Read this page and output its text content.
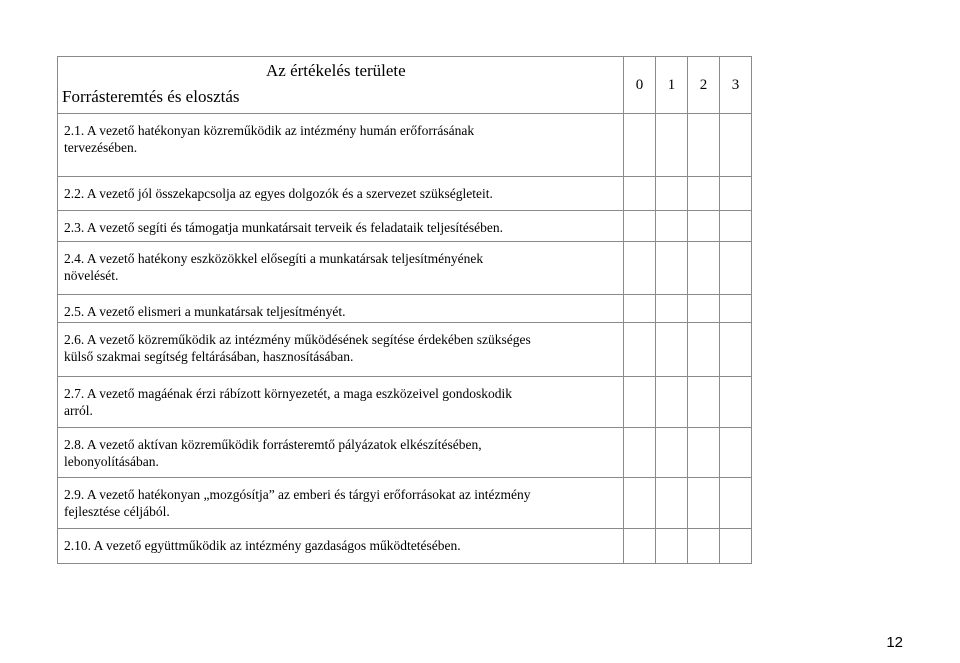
Az értékelés területe
Forrásteremtés és elosztás	0	1	2	3

2.1. A vezető hatékonyan közreműködik az intézmény humán erőforrásának
tervezésében.				

2.2. A vezető jól összekapcsolja az egyes dolgozók és a szervezet szükségleteit.				

2.3. A vezető segíti és támogatja munkatársait terveik és feladataik teljesítésében.				

2.4. A vezető hatékony eszközökkel elősegíti a munkatársak teljesítményének
növelését.				

2.5. A vezető elismeri a munkatársak teljesítményét.				

2.6. A vezető közreműködik az intézmény működésének segítése érdekében szükséges
külső szakmai segítség feltárásában, hasznosításában.				

2.7. A vezető magáénak érzi rábízott környezetét, a maga eszközeivel gondoskodik
arról.				

2.8. A vezető aktívan közreműködik forrásteremtő pályázatok elkészítésében,
lebonyolításában.				

2.9. A vezető hatékonyan „mozgósítja” az emberi és tárgyi erőforrásokat az intézmény
fejlesztése céljából.				

2.10. A vezető együttműködik az intézmény gazdaságos működtetésében.				

12
